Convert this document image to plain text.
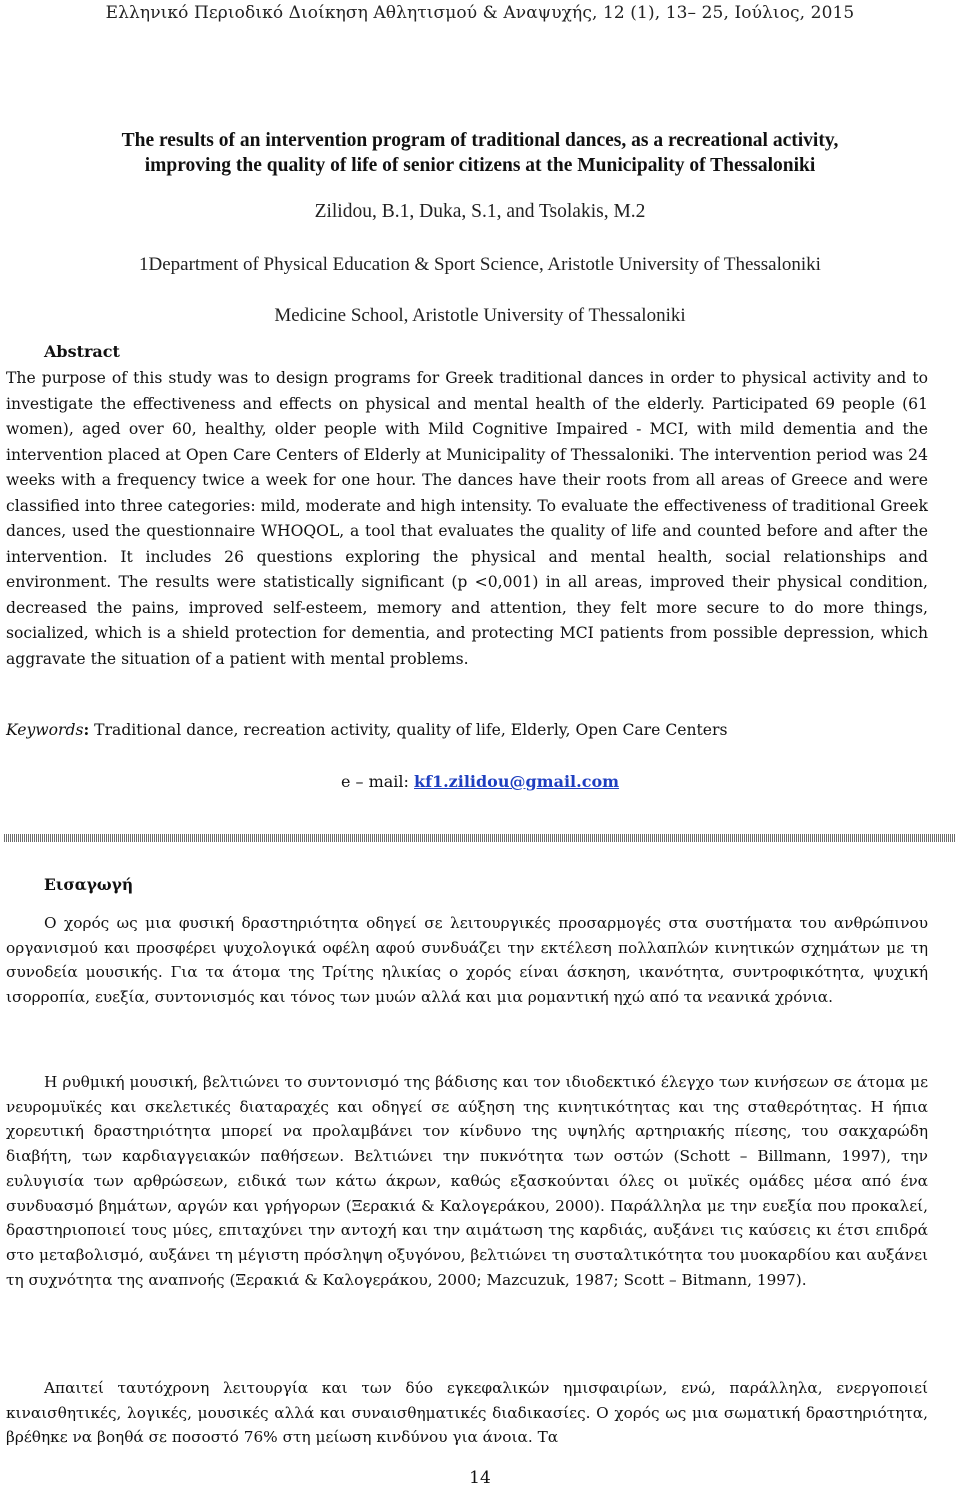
Ελληνικό Περιοδικό Διοίκηση Αθλητισμού & Αναψυχής, 12 (1), 13– 25, Ιούλιος, 2015
The results of an intervention program of traditional dances, as a recreational activity,
improving the quality of life of senior citizens at the Municipality of Thessaloniki
Zilidou, B.1, Duka, S.1, and Tsolakis, M.2
1Department of Physical Education & Sport Science, Aristotle University of Thessaloniki
Medicine School, Aristotle University of Thessaloniki
Abstract

The purpose of this study was to design programs for Greek traditional dances in order to physical activity and to investigate the effectiveness and effects on physical and mental health of the elderly. Participated 69 people (61 women), aged over 60, healthy, older people with Mild Cognitive Impaired - MCI, with mild dementia and the intervention placed at Open Care Centers of Elderly at Municipality of Thessaloniki. The intervention period was 24 weeks with a frequency twice a week for one hour. The dances have their roots from all areas of Greece and were classified into three categories: mild, moderate and high intensity. To evaluate the effectiveness of traditional Greek dances, used the questionnaire WHOQOL, a tool that evaluates the quality of life and counted before and after the intervention. It includes 26 questions exploring the physical and mental health, social relationships and environment. The results were statistically significant (p <0,001) in all areas, improved their physical condition, decreased the pains, improved self-esteem, memory and attention, they felt more secure to do more things, socialized, which is a shield protection for dementia, and protecting MCI patients from possible depression, which aggravate the situation of a patient with mental problems.

Keywords: Traditional dance, recreation activity, quality of life, Elderly, Open Care Centers
e – mail: kf1.zilidou@gmail.com
Εισαγωγή

Ο χορός ως μια φυσική δραστηριότητα οδηγεί σε λειτουργικές προσαρμογές στα συστήματα του ανθρώπινου οργανισμού και προσφέρει ψυχολογικά οφέλη αφού συνδυάζει την εκτέλεση πολλαπλών κινητικών σχημάτων με τη συνοδεία μουσικής. Για τα άτομα της Τρίτης ηλικίας ο χορός είναι άσκηση, ικανότητα, συντροφικότητα, ψυχική ισορροπία, ευεξία, συντονισμός και τόνος των μυών αλλά και μια ρομαντική ηχώ από τα νεανικά χρόνια.

Η ρυθμική μουσική, βελτιώνει το συντονισμό της βάδισης και τον ιδιοδεκτικό έλεγχο των κινήσεων σε άτομα με νευρομυϊκές και σκελετικές διαταραχές και οδηγεί σε αύξηση της κινητικότητας και της σταθερότητας. Η ήπια χορευτική δραστηριότητα μπορεί να προλαμβάνει τον κίνδυνο της υψηλής αρτηριακής πίεσης, του σακχαρώδη διαβήτη, των καρδιαγγειακών παθήσεων. Βελτιώνει την πυκνότητα των οστών (Schott – Billmann, 1997), την ευλυγισία των αρθρώσεων, ειδικά των κάτω άκρων, καθώς εξασκούνται όλες οι μυϊκές ομάδες μέσα από ένα συνδυασμό βημάτων, αργών και γρήγορων (Ξερακιά & Καλογεράκου, 2000). Παράλληλα με την ευεξία που προκαλεί, δραστηριοποιεί τους μύες, επιταχύνει την αντοχή και την αιμάτωση της καρδιάς, αυξάνει τις καύσεις κι έτσι επιδρά στο μεταβολισμό, αυξάνει τη μέγιστη πρόσληψη οξυγόνου, βελτιώνει τη συσταλτικότητα του μυοκαρδίου και αυξάνει τη συχνότητα της αναπνοής (Ξερακιά & Καλογεράκου, 2000; Mazcuzuk, 1987; Scott – Bitmann, 1997).

Απαιτεί ταυτόχρονη λειτουργία και των δύο εγκεφαλικών ημισφαιρίων, ενώ, παράλληλα, ενεργοποιεί κιναισθητικές, λογικές, μουσικές αλλά και συναισθηματικές διαδικασίες. Ο χορός ως μια σωματική δραστηριότητα, βρέθηκε να βοηθά σε ποσοστό 76% στη μείωση κινδύνου για άνοια. Τα

14
